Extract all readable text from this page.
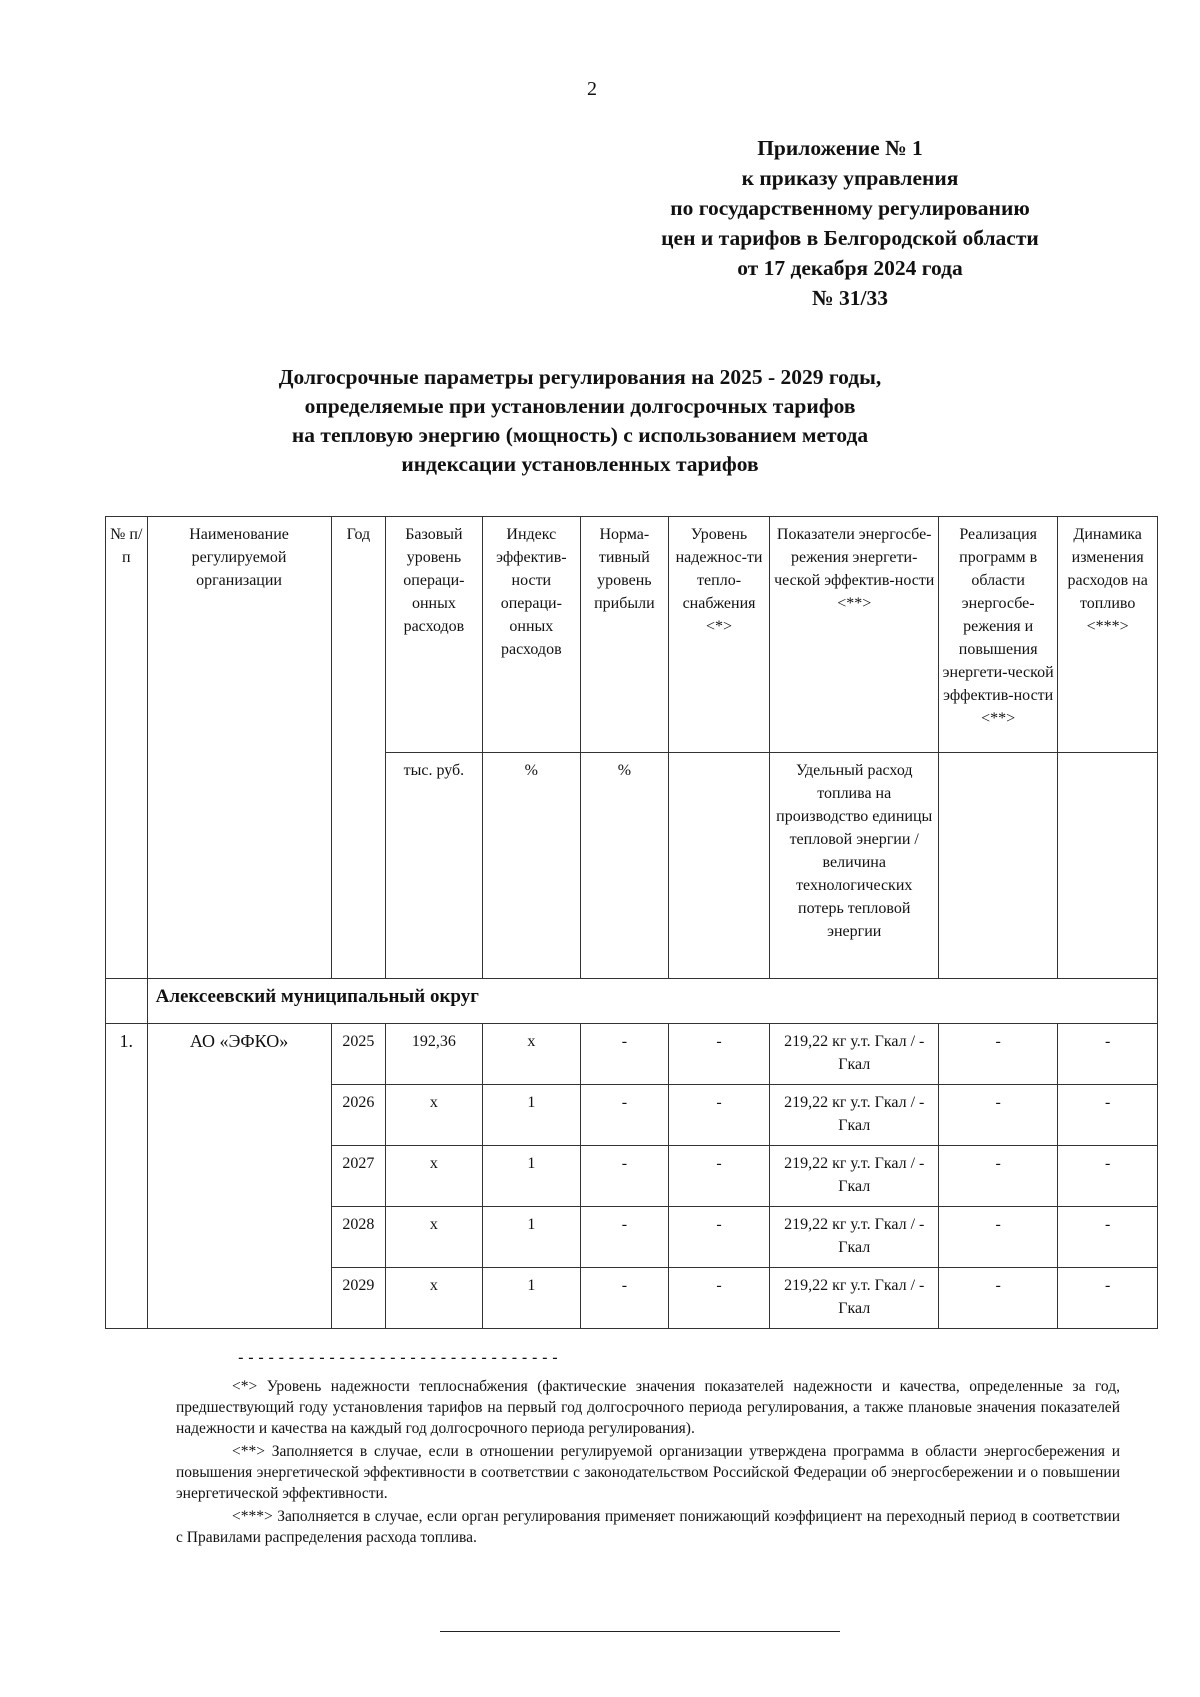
2
Приложение № 1
к приказу управления
по государственному регулированию
цен и тарифов в Белгородской области
от 17 декабря 2024 года
№ 31/33
Долгосрочные параметры регулирования на 2025 - 2029 годы,
определяемые при установлении долгосрочных тарифов
на тепловую энергию (мощность) с использованием метода
индексации установленных тарифов
№ п/п	Наименование регулируемой организации	Год	Базовый уровень операци-онных расходов	Индекс эффектив-ности операци-онных расходов	Норма-тивный уровень прибыли	Уровень надежнос-ти тепло-снабжения <*>	Показатели энергосбе-режения энергети-ческой эффектив-ности <**>	Реализация программ в области энергосбе-режения и повышения энергети-ческой эффектив-ности <**>	Динамика изменения расходов на топливо <***>
			тыс. руб.	%	%		Удельный расход топлива на производство единицы тепловой энергии / величина технологических потерь тепловой энергии		
	Алексеевский муниципальный округ								
1.	АО «ЭФКО»	2025	192,36	х	-	-	219,22 кг у.т. Гкал / - Гкал	-	-
		2026	х	1	-	-	219,22 кг у.т. Гкал / - Гкал	-	-
		2027	х	1	-	-	219,22 кг у.т. Гкал / - Гкал	-	-
		2028	х	1	-	-	219,22 кг у.т. Гкал / - Гкал	-	-
		2029	х	1	-	-	219,22 кг у.т. Гкал / - Гкал	-	-
--------------------------------

<*> Уровень надежности теплоснабжения (фактические значения показателей надежности и качества, определенные за год, предшествующий году установления тарифов на первый год долгосрочного периода регулирования, а также плановые значения показателей надежности и качества на каждый год долгосрочного периода регулирования).

<**> Заполняется в случае, если в отношении регулируемой организации утверждена программа в области энергосбережения и повышения энергетической эффективности в соответствии с законодательством Российской Федерации об энергосбережении и о повышении энергетической эффективности.

<***> Заполняется в случае, если орган регулирования применяет понижающий коэффициент на переходный период в соответствии с Правилами распределения расхода топлива.
